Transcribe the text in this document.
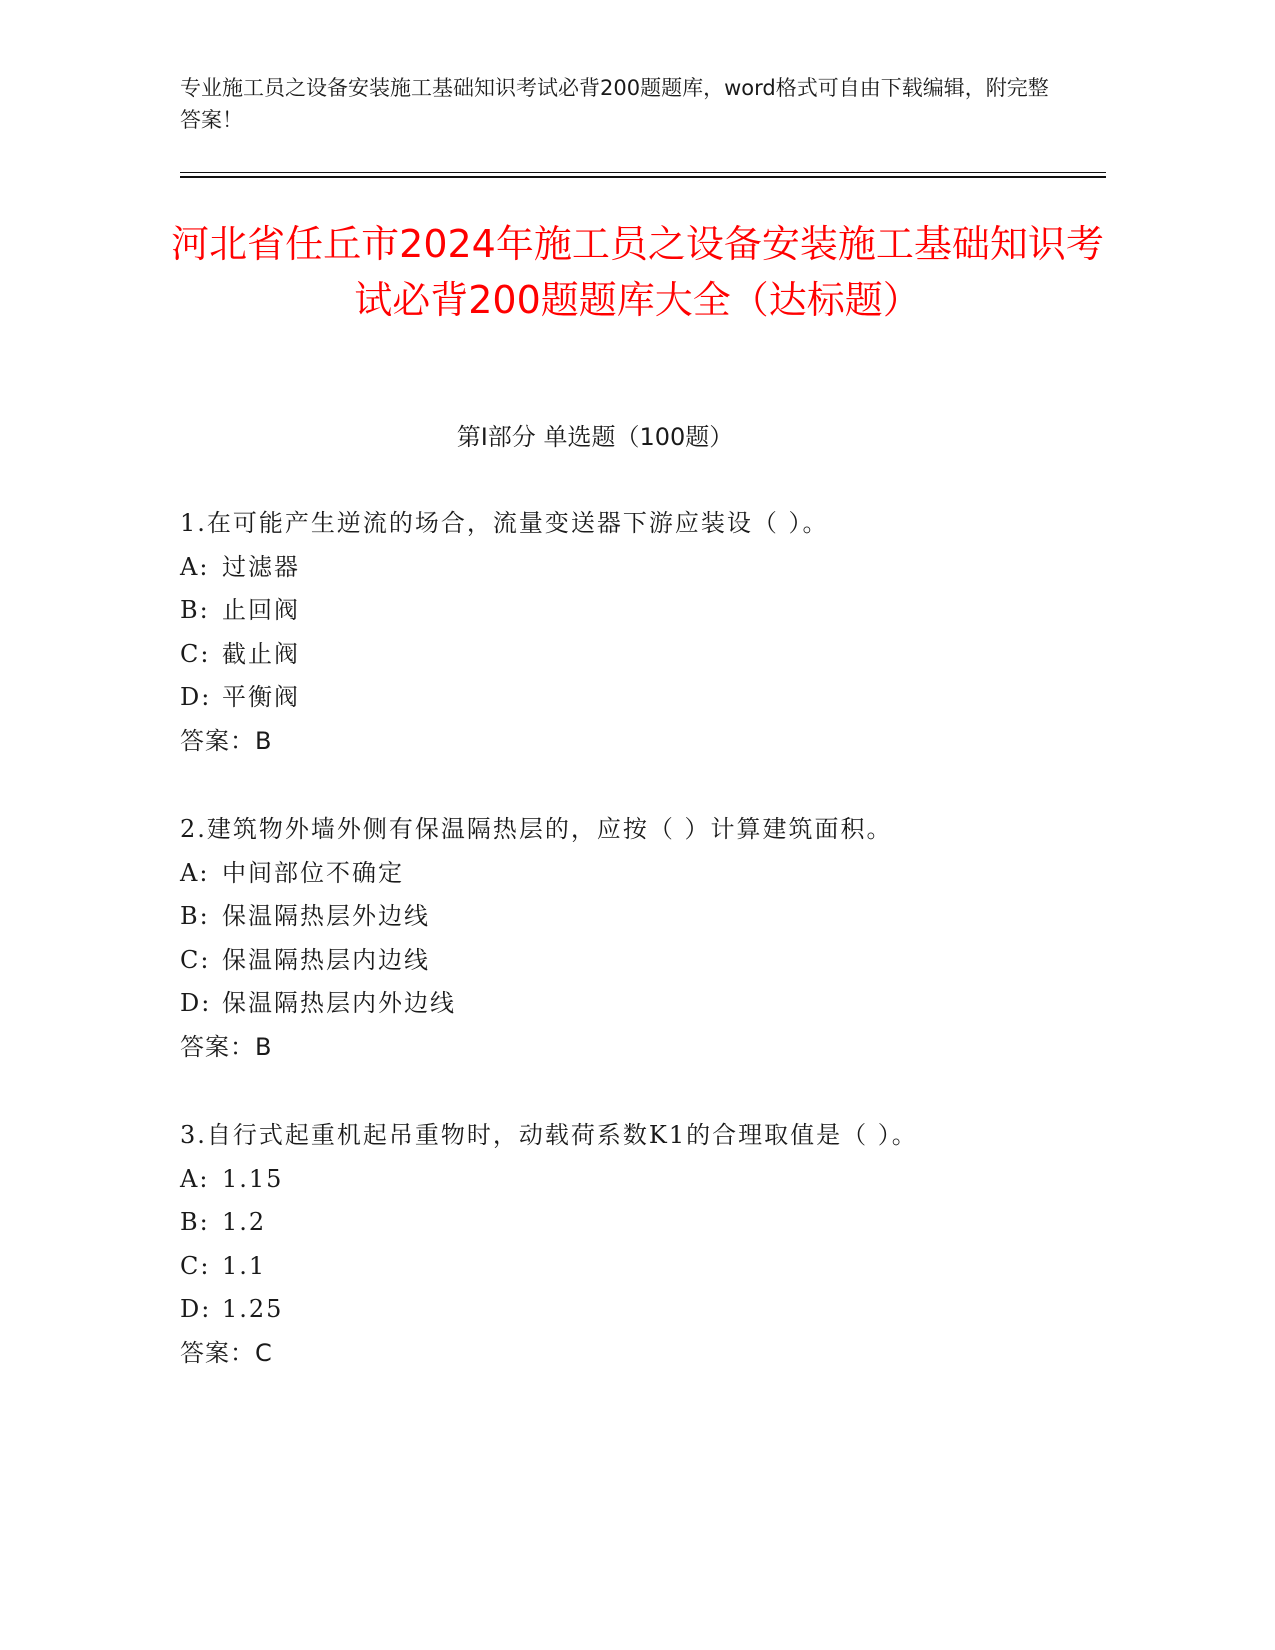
专业施工员之设备安装施工基础知识考试必背200题题库，word格式可自由下载编辑，附完整答案！
河北省任丘市2024年施工员之设备安装施工基础知识考试必背200题题库大全（达标题）
第Ⅰ部分 单选题（100题）
1.在可能产生逆流的场合，流量变送器下游应装设（ ）。
A: 过滤器
B: 止回阀
C: 截止阀
D: 平衡阀
答案：B
2.建筑物外墙外侧有保温隔热层的，应按（ ）计算建筑面积。
A: 中间部位不确定
B: 保温隔热层外边线
C: 保温隔热层内边线
D: 保温隔热层内外边线
答案：B
3.自行式起重机起吊重物时，动载荷系数K1的合理取值是（ ）。
A: 1.15
B: 1.2
C: 1.1
D: 1.25
答案：C
